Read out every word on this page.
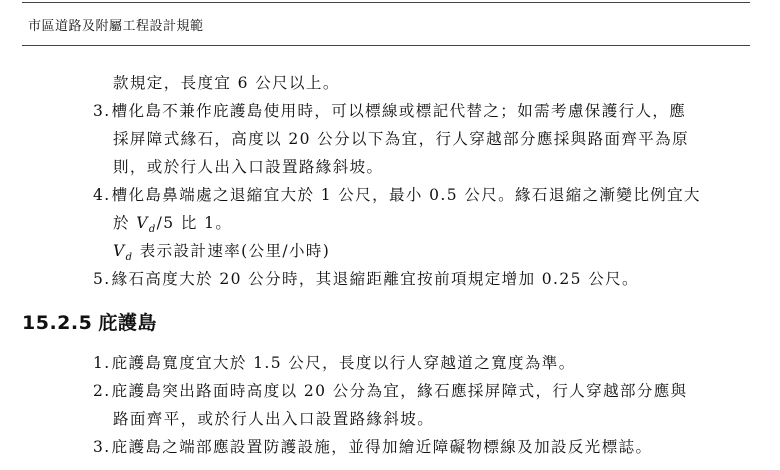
市區道路及附屬工程設計規範
款規定，長度宜 6 公尺以上。
3.槽化島不兼作庇護島使用時，可以標線或標記代替之；如需考慮保護行人，應
採屏障式緣石，高度以 20 公分以下為宜，行人穿越部分應採與路面齊平為原
則，或於行人出入口設置路緣斜坡。
4.槽化島鼻端處之退縮宜大於 1 公尺，最小 0.5 公尺。緣石退縮之漸變比例宜大
於 $V_d/5$ 比 1。
$V_d$ 表示設計速率(公里/小時)
5.緣石高度大於 20 公分時，其退縮距離宜按前項規定增加 0.25 公尺。
15.2.5 庇護島
1.庇護島寬度宜大於 1.5 公尺，長度以行人穿越道之寬度為準。
2.庇護島突出路面時高度以 20 公分為宜，緣石應採屏障式，行人穿越部分應與
路面齊平，或於行人出入口設置路緣斜坡。
3.庇護島之端部應設置防護設施，並得加繪近障礙物標線及加設反光標誌。
